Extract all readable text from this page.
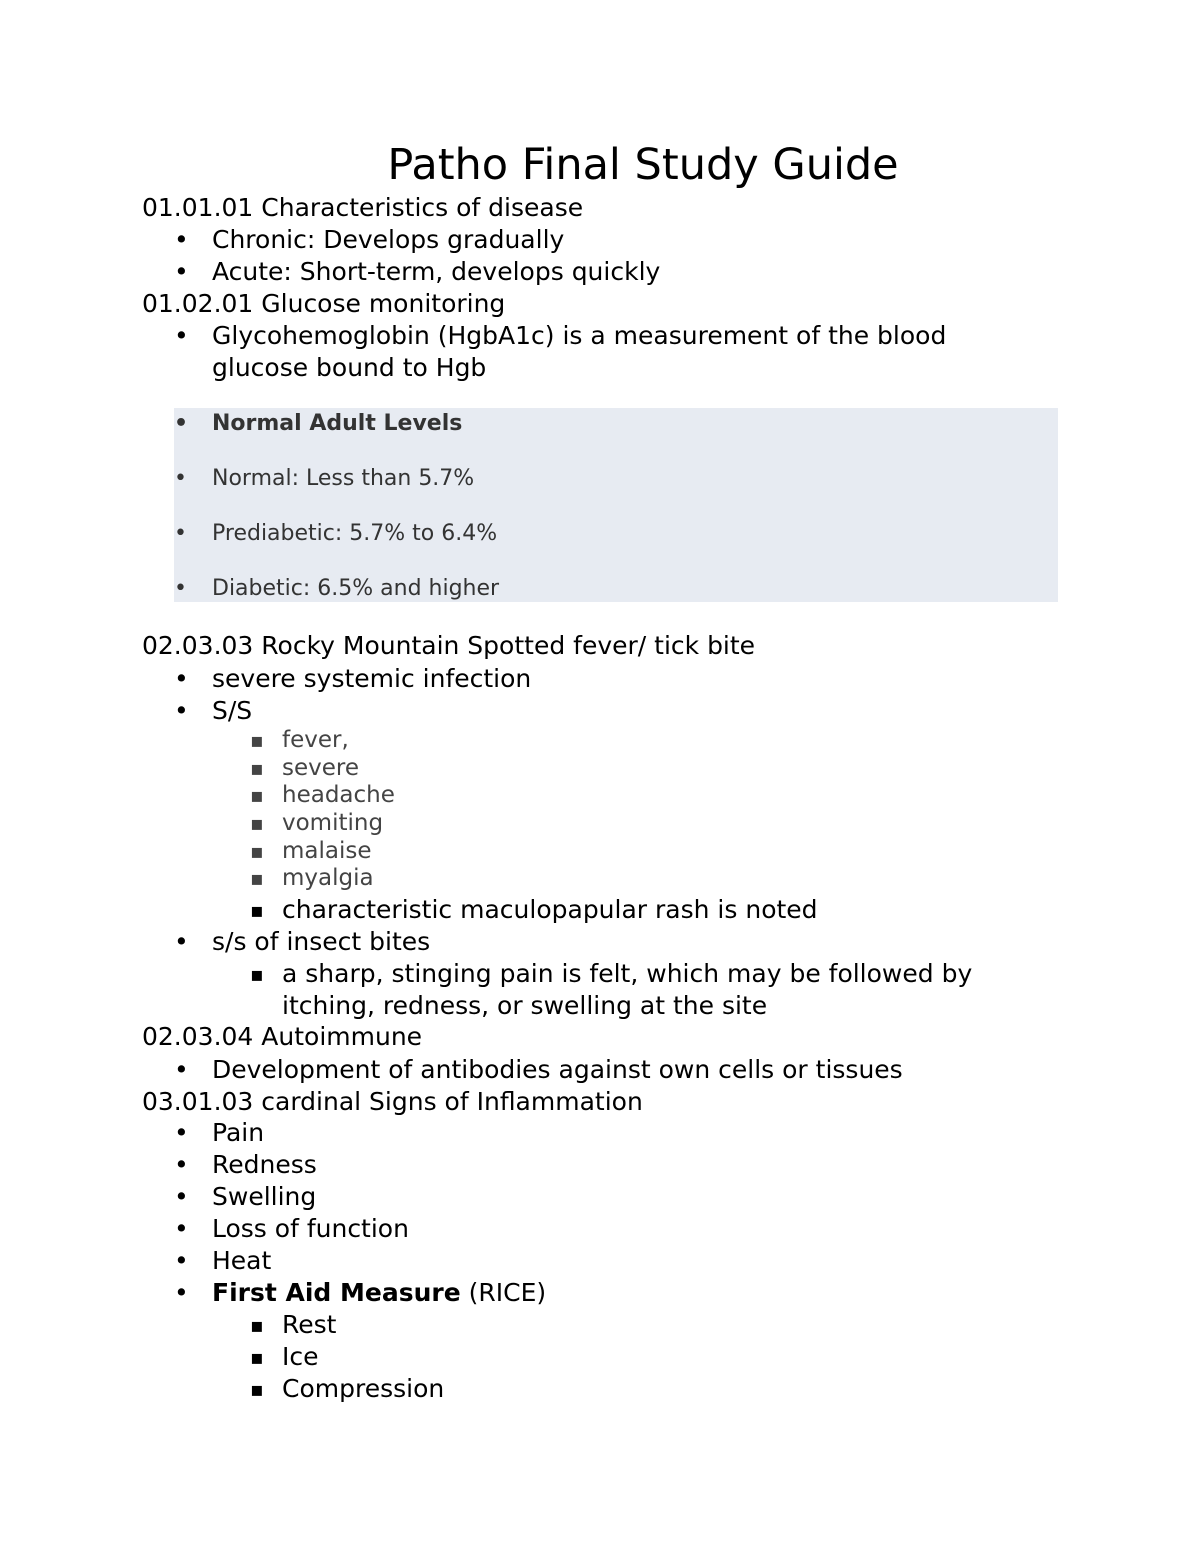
Patho Final Study Guide
01.01.01 Characteristics of disease
• Chronic: Develops gradually
• Acute: Short-term, develops quickly
01.02.01 Glucose monitoring
• Glycohemoglobin (HgbA1c) is a measurement of the blood
glucose bound to Hgb
• Normal Adult Levels
• Normal: Less than 5.7%
• Prediabetic: 5.7% to 6.4%
• Diabetic: 6.5% and higher
02.03.03 Rocky Mountain Spotted fever/ tick bite
• severe systemic infection
• S/S
▪ fever,
▪ severe
▪ headache
▪ vomiting
▪ malaise
▪ myalgia
▪ characteristic maculopapular rash is noted
• s/s of insect bites
▪ a sharp, stinging pain is felt, which may be followed by
itching, redness, or swelling at the site
02.03.04 Autoimmune
• Development of antibodies against own cells or tissues
03.01.03 cardinal Signs of Inflammation
• Pain
• Redness
• Swelling
• Loss of function
• Heat
• First Aid Measure (RICE)
▪ Rest
▪ Ice
▪ Compression
